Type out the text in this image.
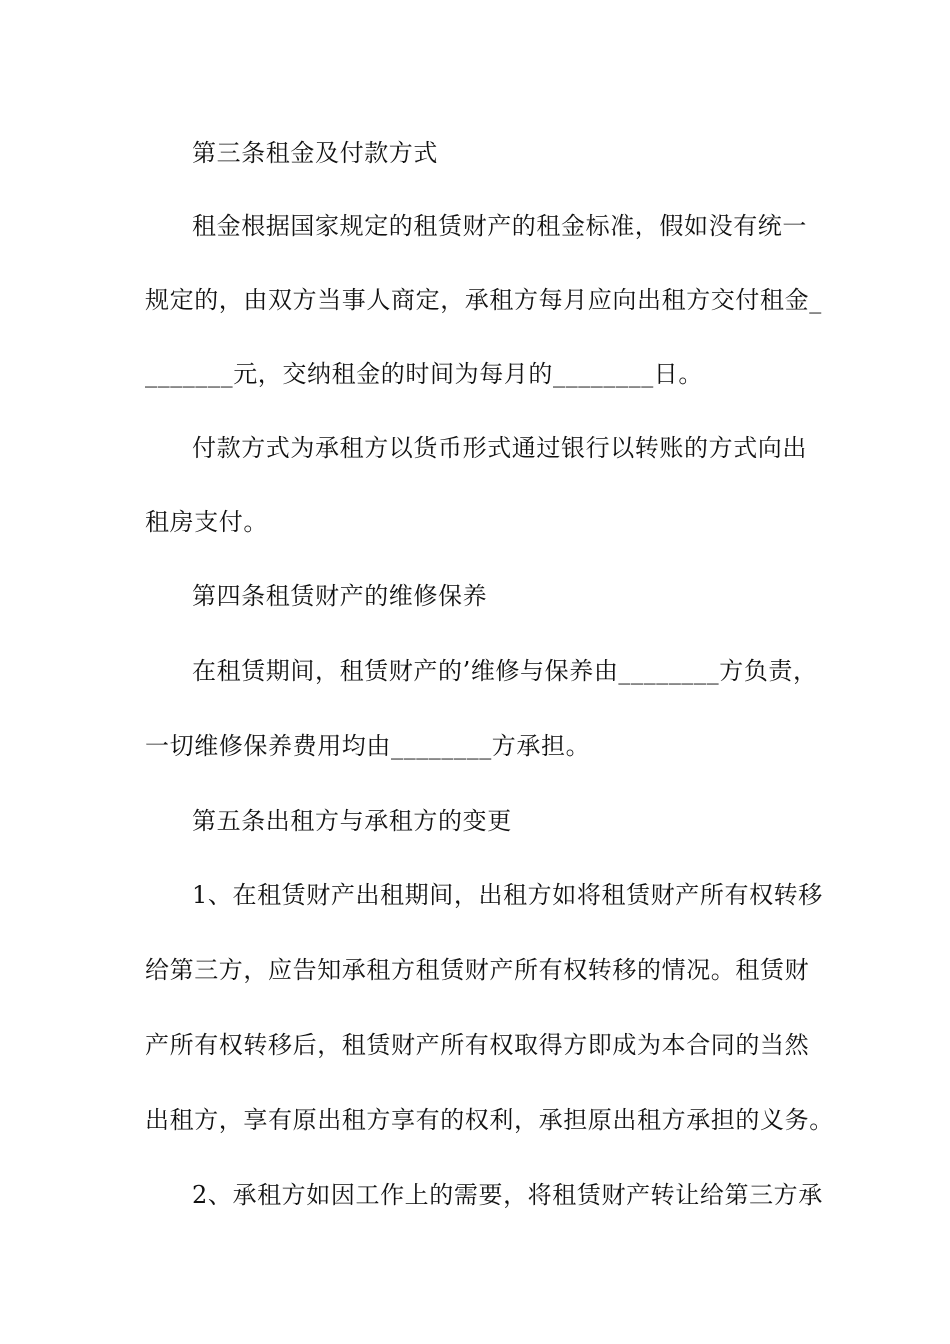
第三条租金及付款方式
租金根据国家规定的租赁财产的租金标准，假如没有统一
规定的，由双方当事人商定，承租方每月应向出租方交付租金_
_______元，交纳租金的时间为每月的________日。
付款方式为承租方以货币形式通过银行以转账的方式向出
租房支付。
第四条租赁财产的维修保养
在租赁期间，租赁财产的’维修与保养由________方负责，
一切维修保养费用均由________方承担。
第五条出租方与承租方的变更
1、在租赁财产出租期间，出租方如将租赁财产所有权转移
给第三方，应告知承租方租赁财产所有权转移的情况。租赁财
产所有权转移后，租赁财产所有权取得方即成为本合同的当然
出租方，享有原出租方享有的权利，承担原出租方承担的义务。
2、承租方如因工作上的需要，将租赁财产转让给第三方承
